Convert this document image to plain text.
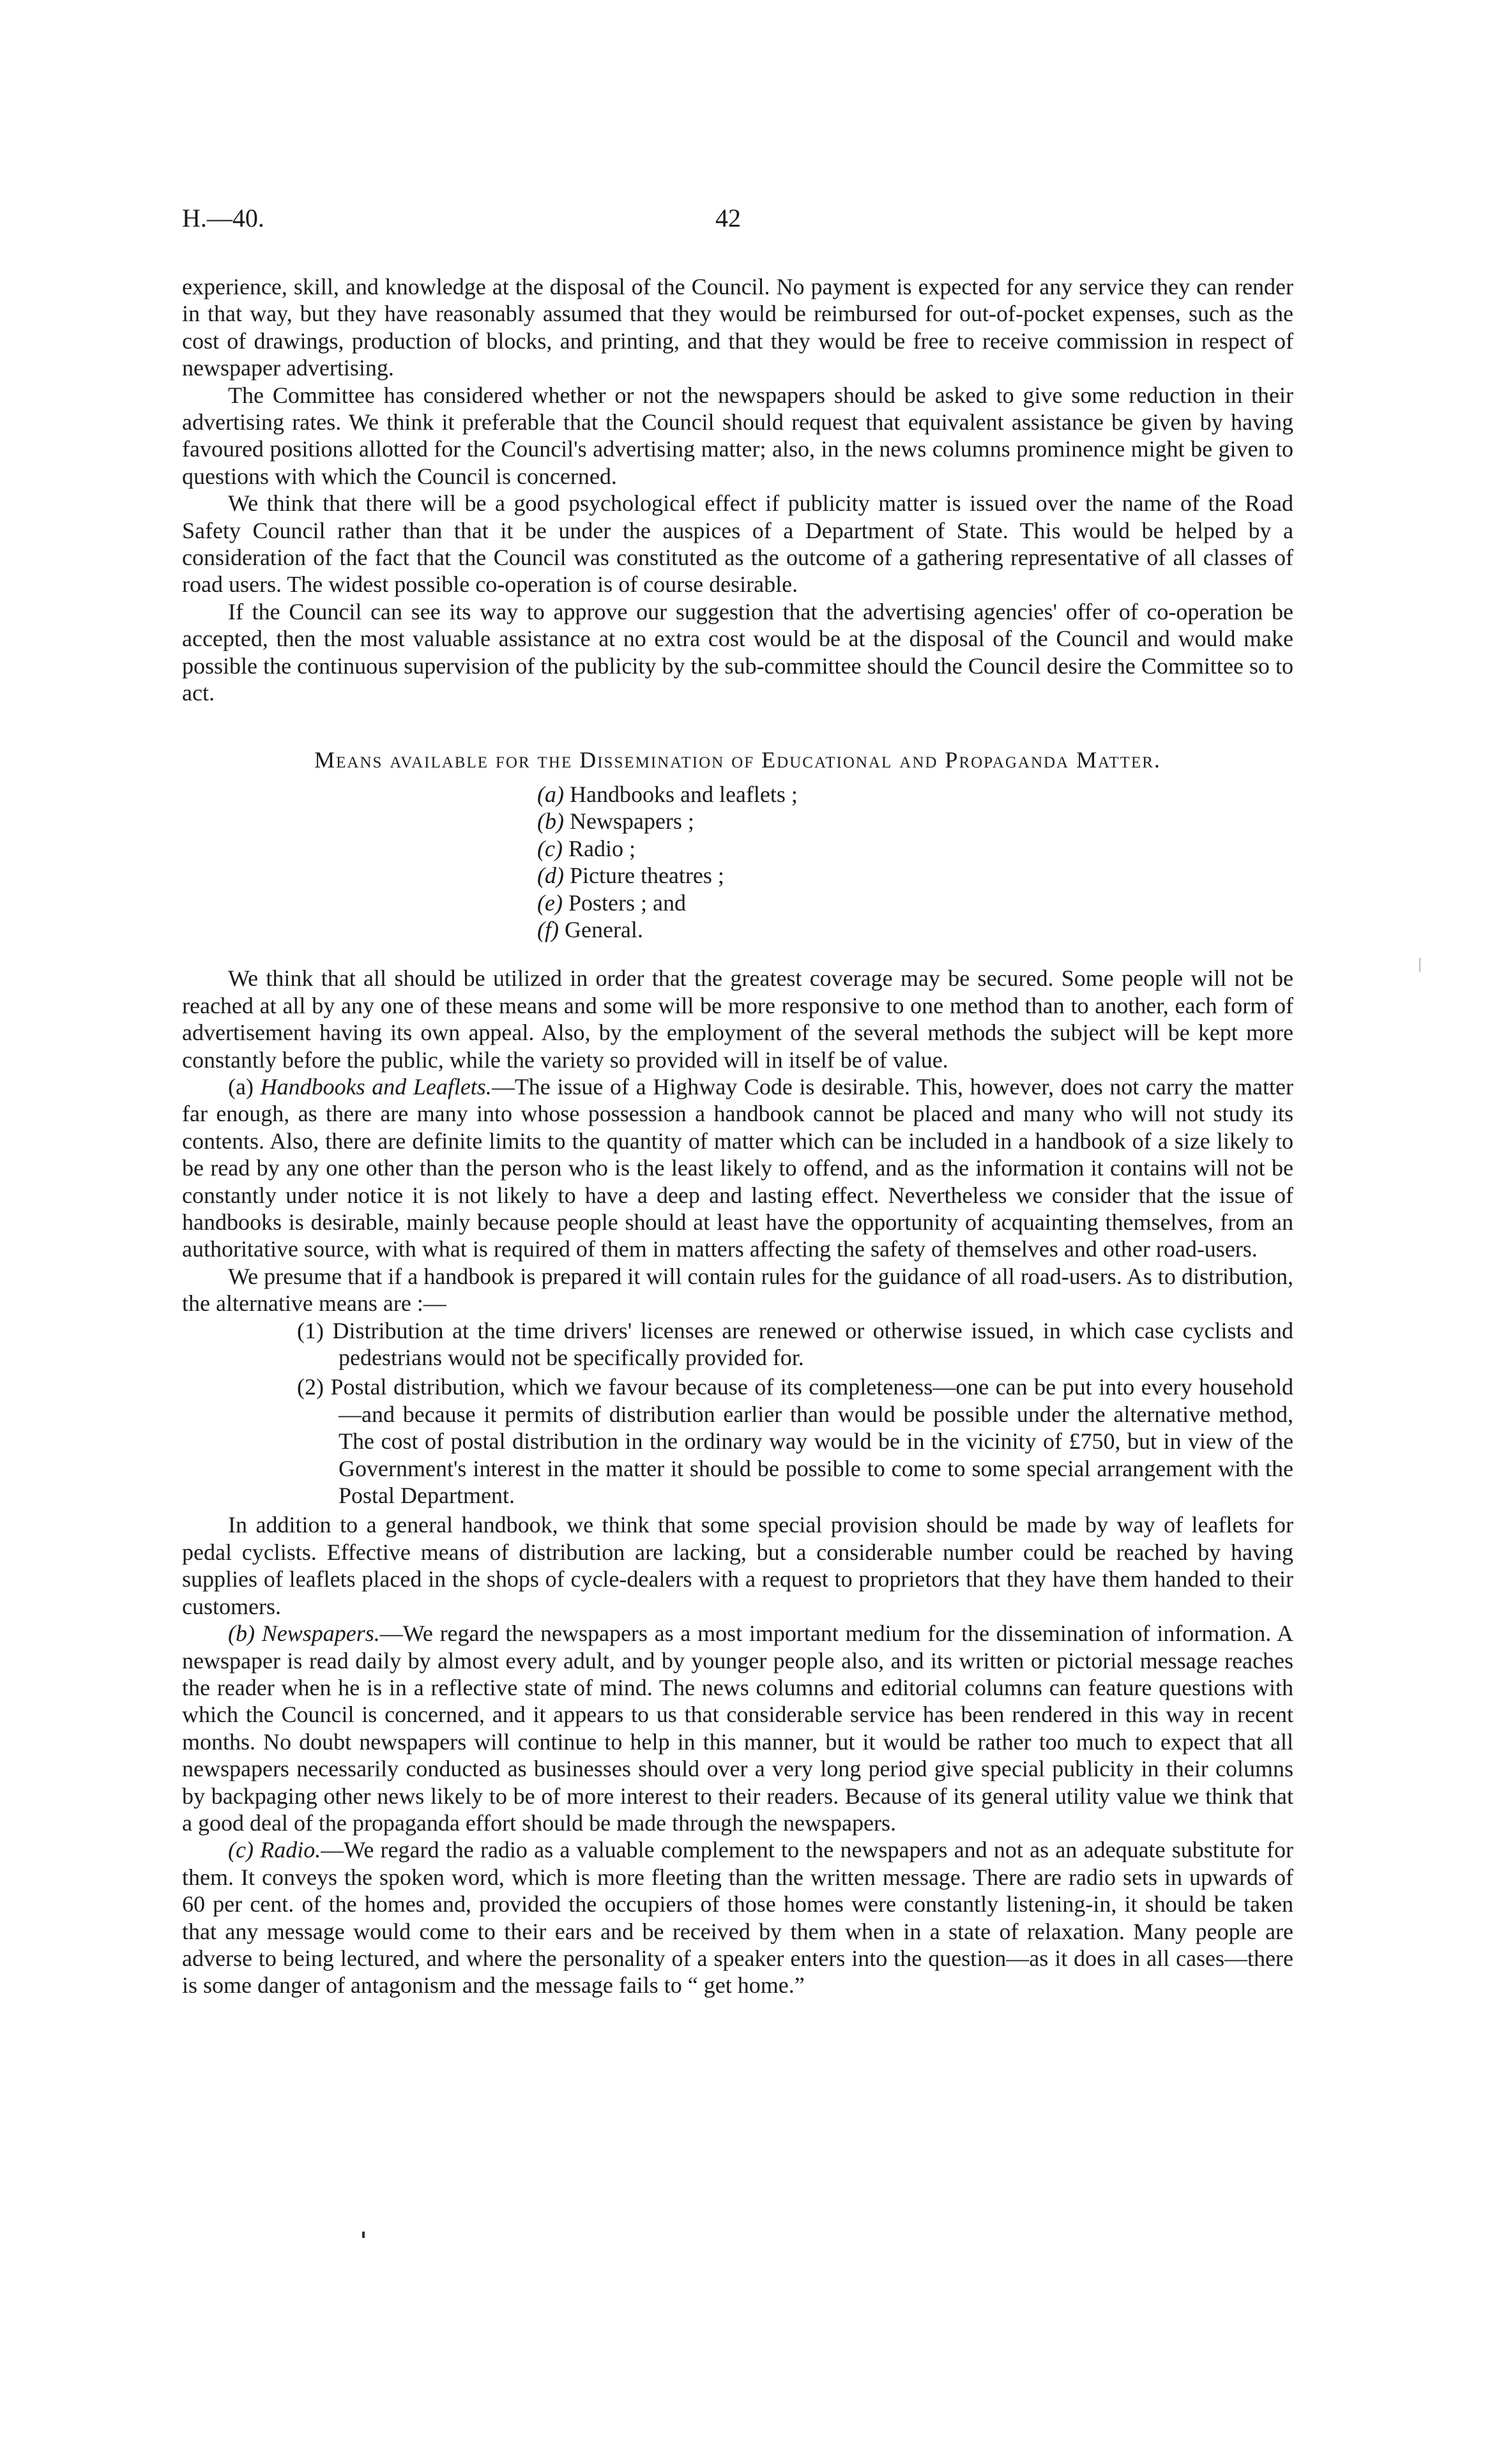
H.—40.	42

experience, skill, and knowledge at the disposal of the Council. No payment is expected for any service they can render in that way, but they have reasonably assumed that they would be reimbursed for out-of-pocket expenses, such as the cost of drawings, production of blocks, and printing, and that they would be free to receive commission in respect of newspaper advertising.

The Committee has considered whether or not the newspapers should be asked to give some reduction in their advertising rates. We think it preferable that the Council should request that equivalent assistance be given by having favoured positions allotted for the Council's advertising matter; also, in the news columns prominence might be given to questions with which the Council is concerned.

We think that there will be a good psychological effect if publicity matter is issued over the name of the Road Safety Council rather than that it be under the auspices of a Department of State. This would be helped by a consideration of the fact that the Council was constituted as the outcome of a gathering representative of all classes of road users. The widest possible co-operation is of course desirable.

If the Council can see its way to approve our suggestion that the advertising agencies' offer of co-operation be accepted, then the most valuable assistance at no extra cost would be at the disposal of the Council and would make possible the continuous supervision of the publicity by the sub-committee should the Council desire the Committee so to act.

Means available for the Dissemination of Educational and Propaganda Matter.

(a) Handbooks and leaflets ;
(b) Newspapers ;
(c) Radio ;
(d) Picture theatres ;
(e) Posters ; and
(f) General.

We think that all should be utilized in order that the greatest coverage may be secured. Some people will not be reached at all by any one of these means and some will be more responsive to one method than to another, each form of advertisement having its own appeal. Also, by the employment of the several methods the subject will be kept more constantly before the public, while the variety so provided will in itself be of value.

(a) Handbooks and Leaflets.—The issue of a Highway Code is desirable. This, however, does not carry the matter far enough, as there are many into whose possession a handbook cannot be placed and many who will not study its contents. Also, there are definite limits to the quantity of matter which can be included in a handbook of a size likely to be read by any one other than the person who is the least likely to offend, and as the information it contains will not be constantly under notice it is not likely to have a deep and lasting effect. Nevertheless we consider that the issue of handbooks is desirable, mainly because people should at least have the opportunity of acquainting themselves, from an authoritative source, with what is required of them in matters affecting the safety of themselves and other road-users.

We presume that if a handbook is prepared it will contain rules for the guidance of all road-users. As to distribution, the alternative means are :—

(1) Distribution at the time drivers' licenses are renewed or otherwise issued, in which case cyclists and pedestrians would not be specifically provided for.
(2) Postal distribution, which we favour because of its completeness—one can be put into every household—and because it permits of distribution earlier than would be possible under the alternative method, The cost of postal distribution in the ordinary way would be in the vicinity of £750, but in view of the Government's interest in the matter it should be possible to come to some special arrangement with the Postal Department.

In addition to a general handbook, we think that some special provision should be made by way of leaflets for pedal cyclists. Effective means of distribution are lacking, but a considerable number could be reached by having supplies of leaflets placed in the shops of cycle-dealers with a request to proprietors that they have them handed to their customers.

(b) Newspapers.—We regard the newspapers as a most important medium for the dissemination of information. A newspaper is read daily by almost every adult, and by younger people also, and its written or pictorial message reaches the reader when he is in a reflective state of mind. The news columns and editorial columns can feature questions with which the Council is concerned, and it appears to us that considerable service has been rendered in this way in recent months. No doubt newspapers will continue to help in this manner, but it would be rather too much to expect that all newspapers necessarily conducted as businesses should over a very long period give special publicity in their columns by backpaging other news likely to be of more interest to their readers. Because of its general utility value we think that a good deal of the propaganda effort should be made through the newspapers.

(c) Radio.—We regard the radio as a valuable complement to the newspapers and not as an adequate substitute for them. It conveys the spoken word, which is more fleeting than the written message. There are radio sets in upwards of 60 per cent. of the homes and, provided the occupiers of those homes were constantly listening-in, it should be taken that any message would come to their ears and be received by them when in a state of relaxation. Many people are adverse to being lectured, and where the personality of a speaker enters into the question—as it does in all cases—there is some danger of antagonism and the message fails to “ get home.”
